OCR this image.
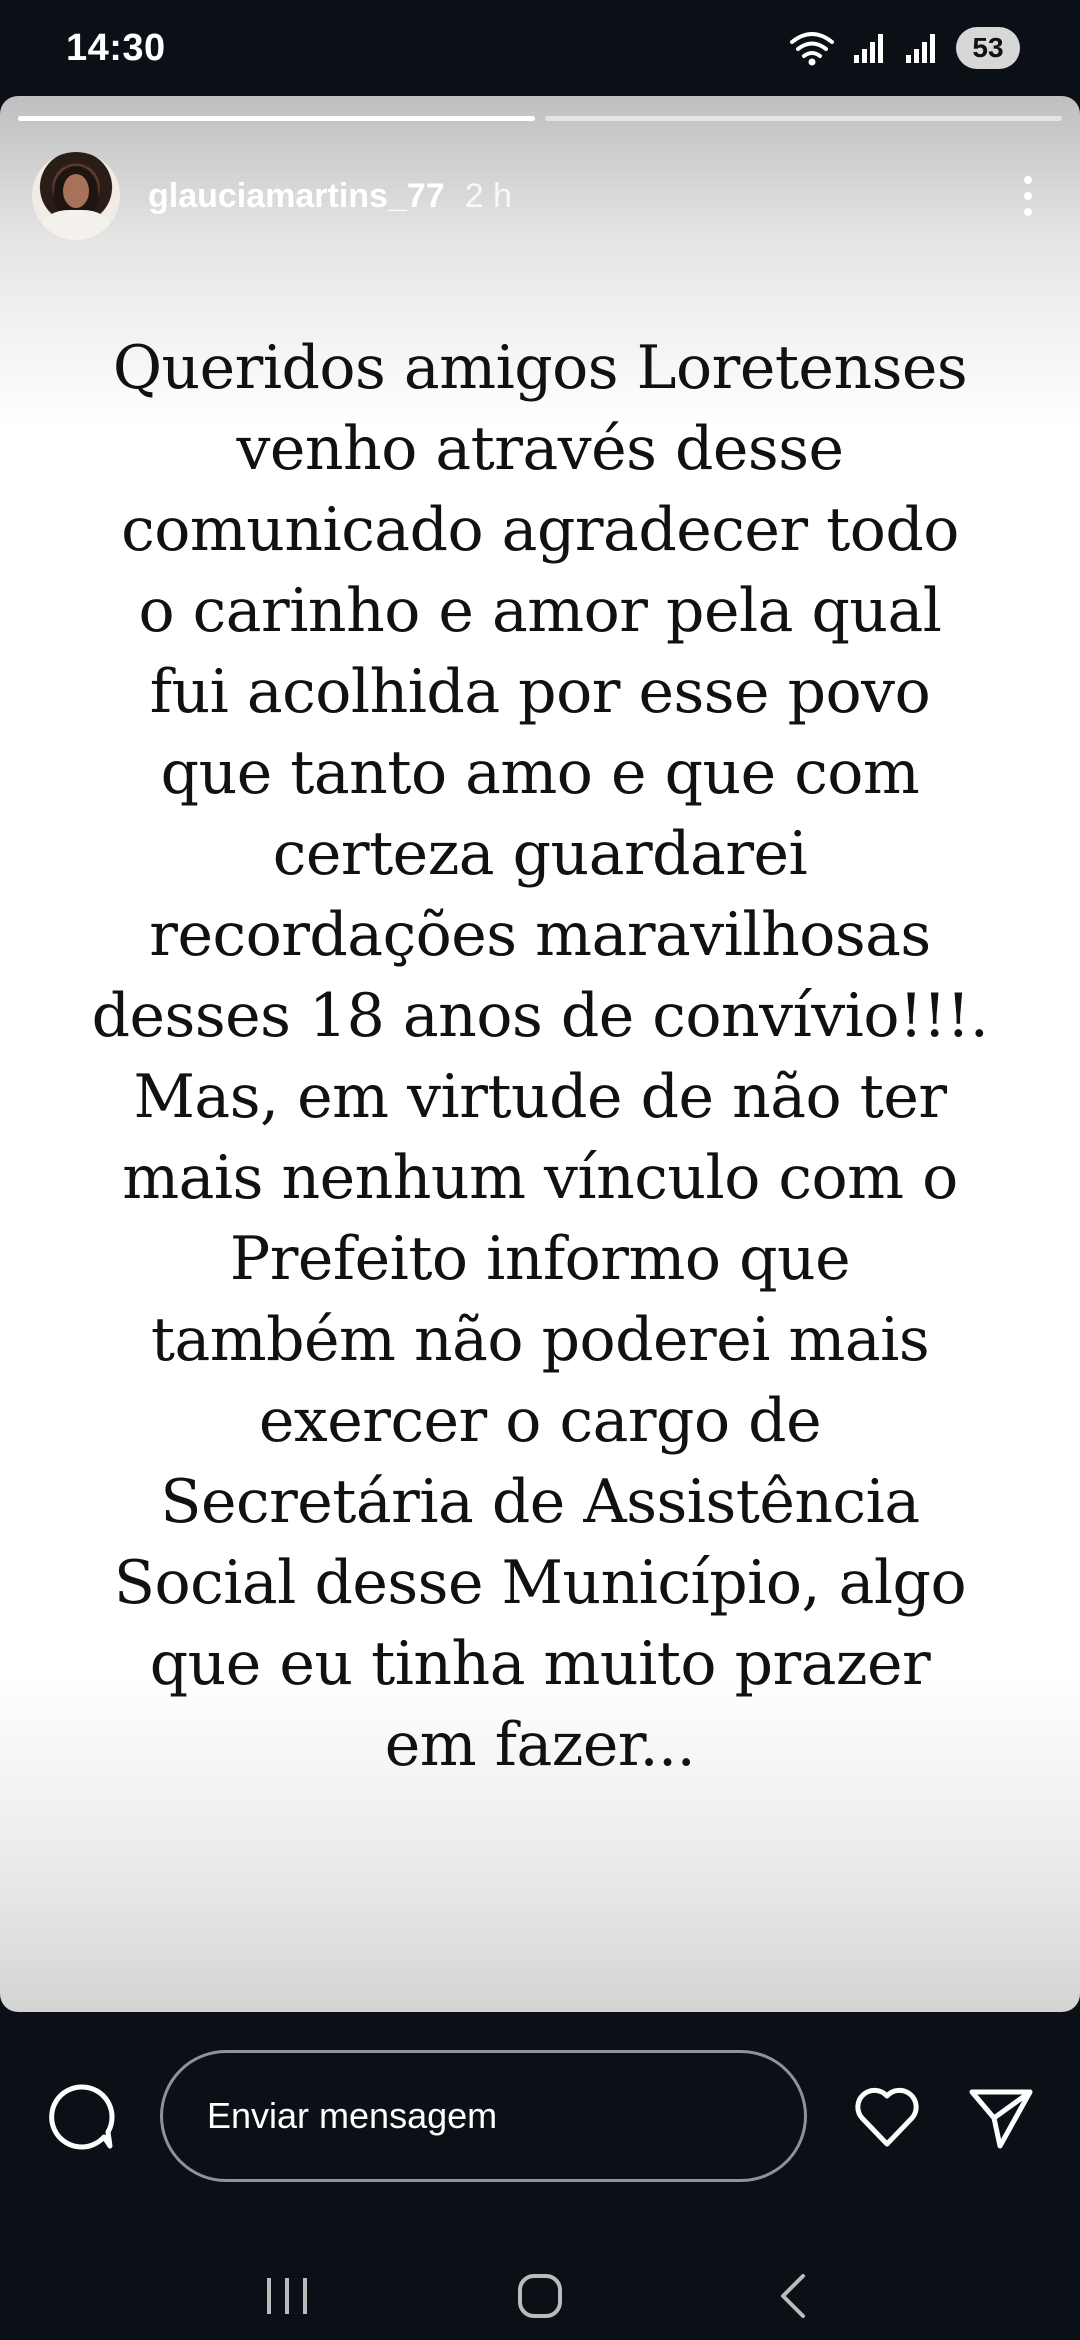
14:30	53
glauciamartins_77 2 h
Queridos amigos Loretenses
venho através desse
comunicado agradecer todo
o carinho e amor pela qual
fui acolhida por esse povo
que tanto amo e que com
certeza guardarei
recordações maravilhosas
desses 18 anos de convívio!!!.
Mas, em virtude de não ter
mais nenhum vínculo com o
Prefeito informo que
também não poderei mais
exercer o cargo de
Secretária de Assistência
Social desse Município, algo
que eu tinha muito prazer
em fazer...
Enviar mensagem
